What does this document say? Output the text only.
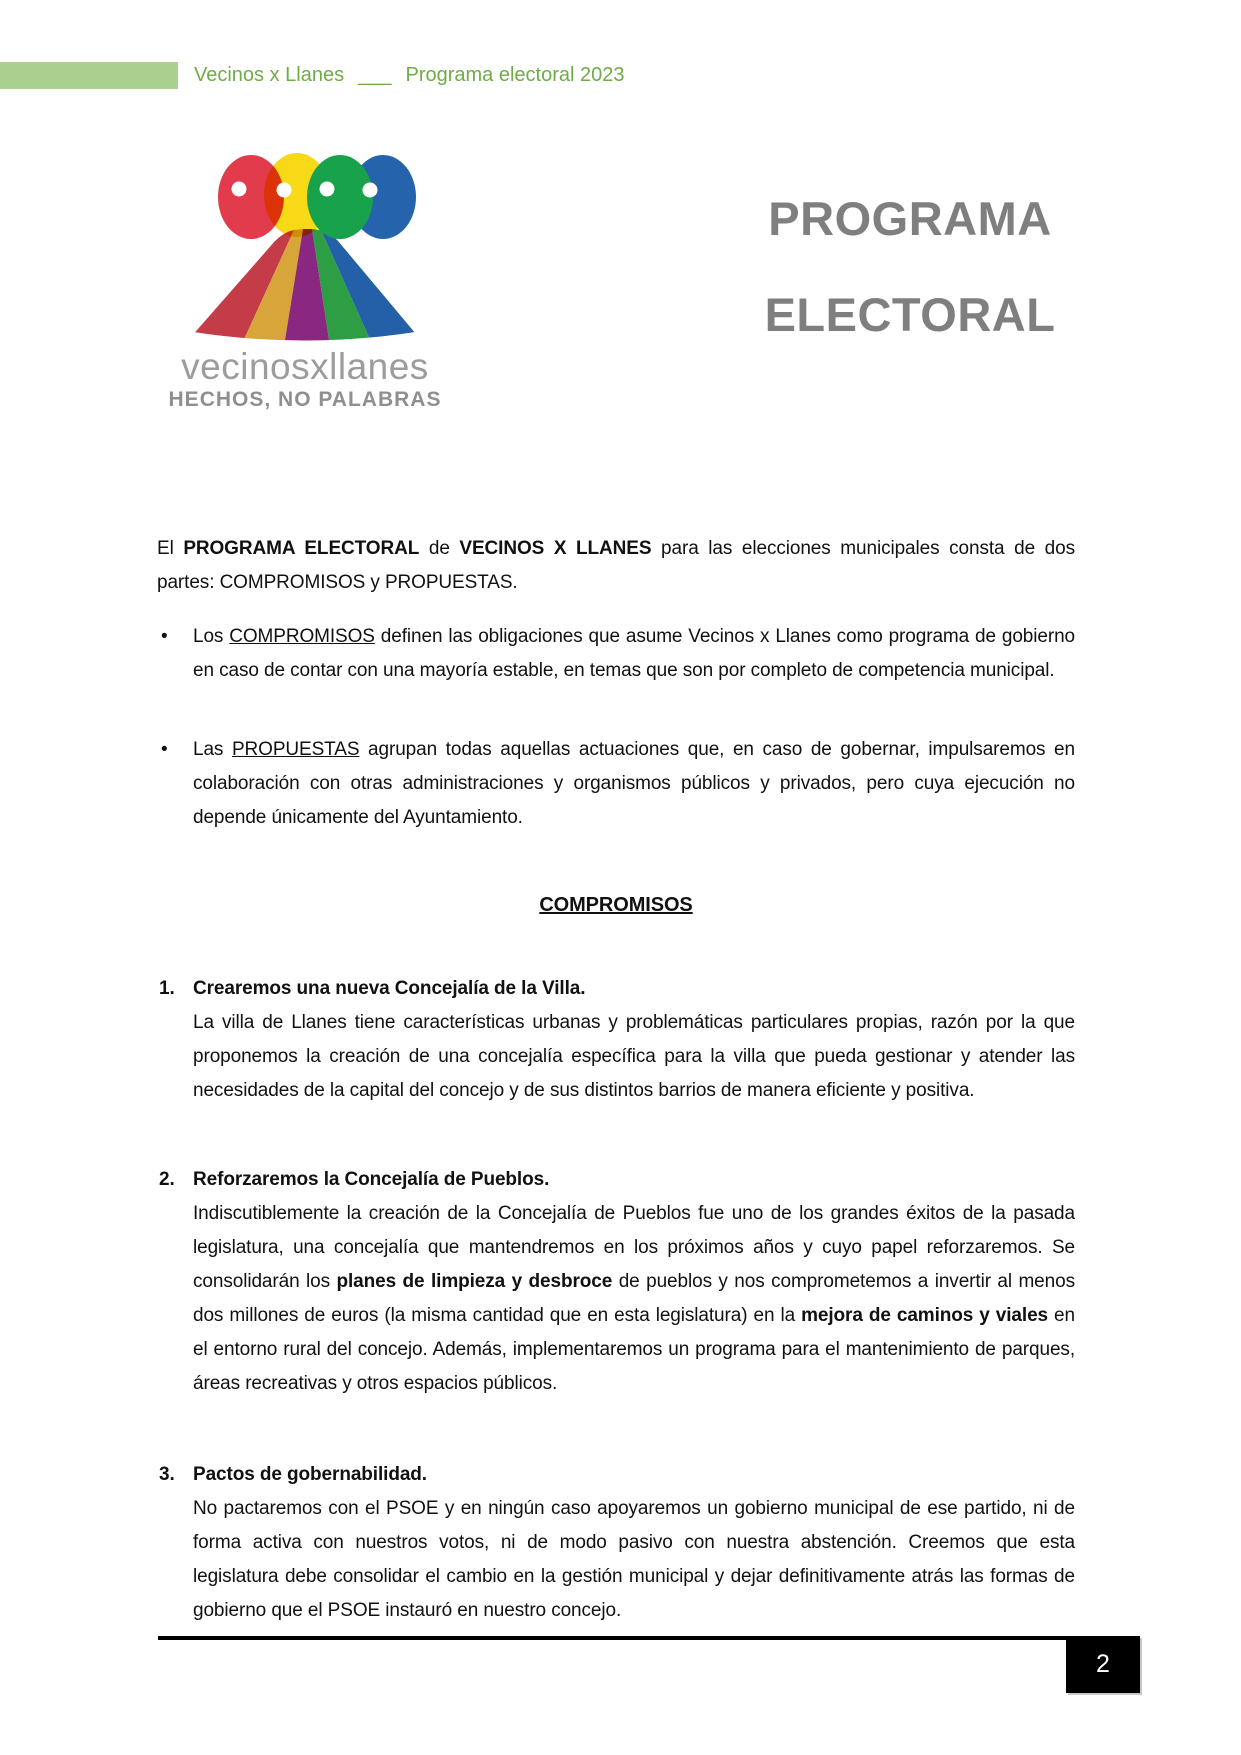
Vecinos x Llanes ___ Programa electoral 2023
vecinosxllanes
HECHOS, NO PALABRAS
PROGRAMA
ELECTORAL

El PROGRAMA ELECTORAL de VECINOS X LLANES para las elecciones municipales consta de dos partes: COMPROMISOS y PROPUESTAS.

• Los COMPROMISOS definen las obligaciones que asume Vecinos x Llanes como programa de gobierno en caso de contar con una mayoría estable, en temas que son por completo de competencia municipal.
• Las PROPUESTAS agrupan todas aquellas actuaciones que, en caso de gobernar, impulsaremos en colaboración con otras administraciones y organismos públicos y privados, pero cuya ejecución no depende únicamente del Ayuntamiento.
COMPROMISOS
1. Crearemos una nueva Concejalía de la Villa.
La villa de Llanes tiene características urbanas y problemáticas particulares propias, razón por la que proponemos la creación de una concejalía específica para la villa que pueda gestionar y atender las necesidades de la capital del concejo y de sus distintos barrios de manera eficiente y positiva.
2. Reforzaremos la Concejalía de Pueblos.
Indiscutiblemente la creación de la Concejalía de Pueblos fue uno de los grandes éxitos de la pasada legislatura, una concejalía que mantendremos en los próximos años y cuyo papel reforzaremos. Se consolidarán los planes de limpieza y desbroce de pueblos y nos comprometemos a invertir al menos dos millones de euros (la misma cantidad que en esta legislatura) en la mejora de caminos y viales en el entorno rural del concejo. Además, implementaremos un programa para el mantenimiento de parques, áreas recreativas y otros espacios públicos.
3. Pactos de gobernabilidad.
No pactaremos con el PSOE y en ningún caso apoyaremos un gobierno municipal de ese partido, ni de forma activa con nuestros votos, ni de modo pasivo con nuestra abstención. Creemos que esta legislatura debe consolidar el cambio en la gestión municipal y dejar definitivamente atrás las formas de gobierno que el PSOE instauró en nuestro concejo.
2
